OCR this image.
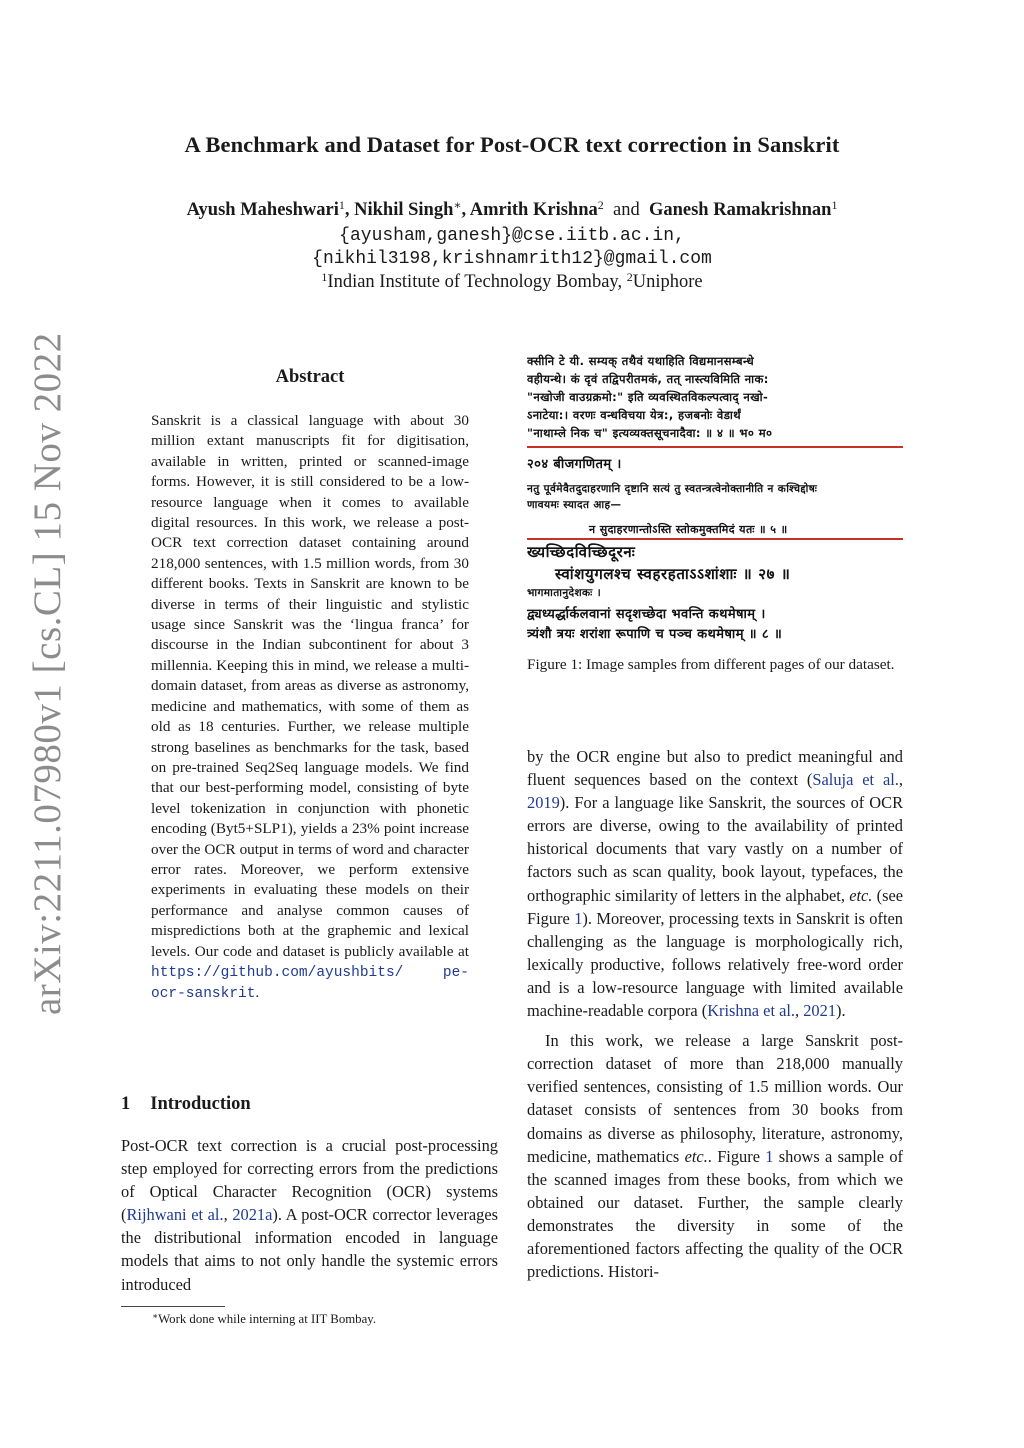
A Benchmark and Dataset for Post-OCR text correction in Sanskrit
Ayush Maheshwari$^1$, Nikhil Singh∗, Amrith Krishna$^2$ and Ganesh Ramakrishnan$^1$
{ayusham,ganesh}@cse.iitb.ac.in,
{nikhil3198,krishnamrith12}@gmail.com
$^1$Indian Institute of Technology Bombay, $^2$Uniphore
arXiv:2211.07980v1 [cs.CL] 15 Nov 2022	Abstract
Sanskrit is a classical language with about 30 million extant manuscripts fit for digitisation, available in written, printed or scanned-image forms. However, it is still considered to be a low-resource language when it comes to available digital resources. In this work, we release a post-OCR text correction dataset containing around 218,000 sentences, with 1.5 million words, from 30 different books. Texts in Sanskrit are known to be diverse in terms of their linguistic and stylistic usage since Sanskrit was the ‘lingua franca’ for discourse in the Indian subcontinent for about 3 millennia. Keeping this in mind, we release a multi-domain dataset, from areas as diverse as astronomy, medicine and mathematics, with some of them as old as 18 centuries. Further, we release multiple strong baselines as benchmarks for the task, based on pre-trained Seq2Seq language models. We find that our best-performing model, consisting of byte level tokenization in conjunction with phonetic encoding (Byt5+SLP1), yields a 23% point increase over the OCR output in terms of word and character error rates. Moreover, we perform extensive experiments in evaluating these models on their performance and analyse common causes of mispredictions both at the graphemic and lexical levels. Our code and dataset is publicly available at https://github.com/ayushbits/ pe-ocr-sanskrit.
1 Introduction
Post-OCR text correction is a crucial post-processing step employed for correcting errors from the predictions of Optical Character Recognition (OCR) systems (Rijhwani et al., 2021a). A post-OCR corrector leverages the distributional information encoded in language models that aims to not only handle the systemic errors introduced
∗Work done while interning at IIT Bombay.
क्सीनि टे यी. सम्यक् तथैवं यथाहिति विद्यमानसम्बन्धे
वहीयन्थे। कं दृवं तद्विपरीतमकं, तत् नास्त्यविमिति नाक:
"नखोजी वाउग्रक्रमो:" इति व्यवस्थितविकल्पत्वाद् नखो-
ऽनाटेया:। वरणः वन्धविचया येत्र:, हजबनोः वेडार्थं
"नाथाम्ले निक च" इत्यव्यक्तसूचनादैवा: ॥ ४ ॥ भ० म०
२०४ बीजगणितम् ।
नतु पूर्वमेवैतदुदाहरणानि दृष्टानि सत्यं तु स्वतन्त्रत्वेनोक्तानीति न कश्चिद्दोषः
णावयमः स्यादत आह—
न सुदाहरणान्तोऽस्ति स्तोकमुक्तमिदं यतः ॥ ५ ॥
ख्यच्छिदविच्छिदूरनः
स्वांशयुगलश्च स्वहरहताऽऽशांशाः ॥ २७ ॥
भागमातानुदेशकः ।
द्व्यध्यर्द्धार्कलवानां सदृशच्छेदा भवन्ति कथमेषाम् ।
त्र्यंशौ त्रयः शरांशा रूपाणि च पञ्च कथमेषाम् ॥ ८ ॥
Figure 1: Image samples from different pages of our dataset.

by the OCR engine but also to predict meaningful and fluent sequences based on the context (Saluja et al., 2019). For a language like Sanskrit, the sources of OCR errors are diverse, owing to the availability of printed historical documents that vary vastly on a number of factors such as scan quality, book layout, typefaces, the orthographic similarity of letters in the alphabet, etc. (see Figure 1). Moreover, processing texts in Sanskrit is often challenging as the language is morphologically rich, lexically productive, follows relatively free-word order and is a low-resource language with limited available machine-readable corpora (Krishna et al., 2021).

In this work, we release a large Sanskrit post-correction dataset of more than 218,000 manually verified sentences, consisting of 1.5 million words. Our dataset consists of sentences from 30 books from domains as diverse as philosophy, literature, astronomy, medicine, mathematics etc.. Figure 1 shows a sample of the scanned images from these books, from which we obtained our dataset. Further, the sample clearly demonstrates the diversity in some of the aforementioned factors affecting the quality of the OCR predictions. Histori-
